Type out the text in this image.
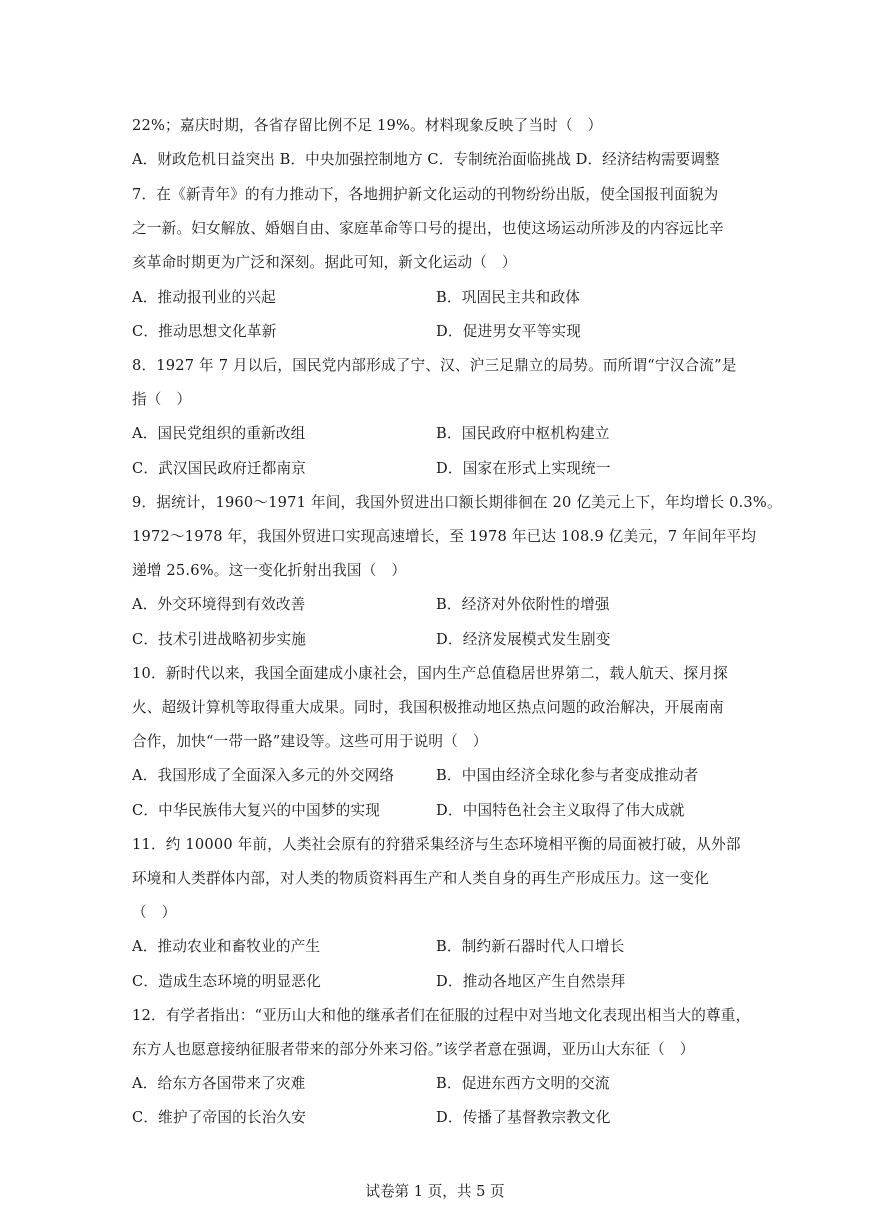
22%；嘉庆时期，各省存留比例不足 19%。材料现象反映了当时（　）
A．财政危机日益突出 B．中央加强控制地方 C．专制统治面临挑战 D．经济结构需要调整
7．在《新青年》的有力推动下，各地拥护新文化运动的刊物纷纷出版，使全国报刊面貌为
之一新。妇女解放、婚姻自由、家庭革命等口号的提出，也使这场运动所涉及的内容远比辛
亥革命时期更为广泛和深刻。据此可知，新文化运动（　）
A．推动报刊业的兴起	B．巩固民主共和政体
C．推动思想文化革新	D．促进男女平等实现
8．1927 年 7 月以后，国民党内部形成了宁、汉、沪三足鼎立的局势。而所谓“宁汉合流”是
指（　）
A．国民党组织的重新改组	B．国民政府中枢机构建立
C．武汉国民政府迁都南京	D．国家在形式上实现统一
9．据统计，1960～1971 年间，我国外贸进出口额长期徘徊在 20 亿美元上下，年均增长 0.3%。
1972～1978 年，我国外贸进口实现高速增长，至 1978 年已达 108.9 亿美元，7 年间年平均
递增 25.6%。这一变化折射出我国（　）
A．外交环境得到有效改善	B．经济对外依附性的增强
C．技术引进战略初步实施	D．经济发展模式发生剧变
10．新时代以来，我国全面建成小康社会，国内生产总值稳居世界第二，载人航天、探月探
火、超级计算机等取得重大成果。同时，我国积极推动地区热点问题的政治解决，开展南南
合作，加快“一带一路”建设等。这些可用于说明（　）
A．我国形成了全面深入多元的外交网络	B．中国由经济全球化参与者变成推动者
C．中华民族伟大复兴的中国梦的实现	D．中国特色社会主义取得了伟大成就
11．约 10000 年前，人类社会原有的狩猎采集经济与生态环境相平衡的局面被打破，从外部
环境和人类群体内部，对人类的物质资料再生产和人类自身的再生产形成压力。这一变化
（　）
A．推动农业和畜牧业的产生	B．制约新石器时代人口增长
C．造成生态环境的明显恶化	D．推动各地区产生自然崇拜
12．有学者指出：“亚历山大和他的继承者们在征服的过程中对当地文化表现出相当大的尊重，
东方人也愿意接纳征服者带来的部分外来习俗。”该学者意在强调，亚历山大东征（　）
A．给东方各国带来了灾难	B．促进东西方文明的交流
C．维护了帝国的长治久安	D．传播了基督教宗教文化
试卷第 1 页，共 5 页
